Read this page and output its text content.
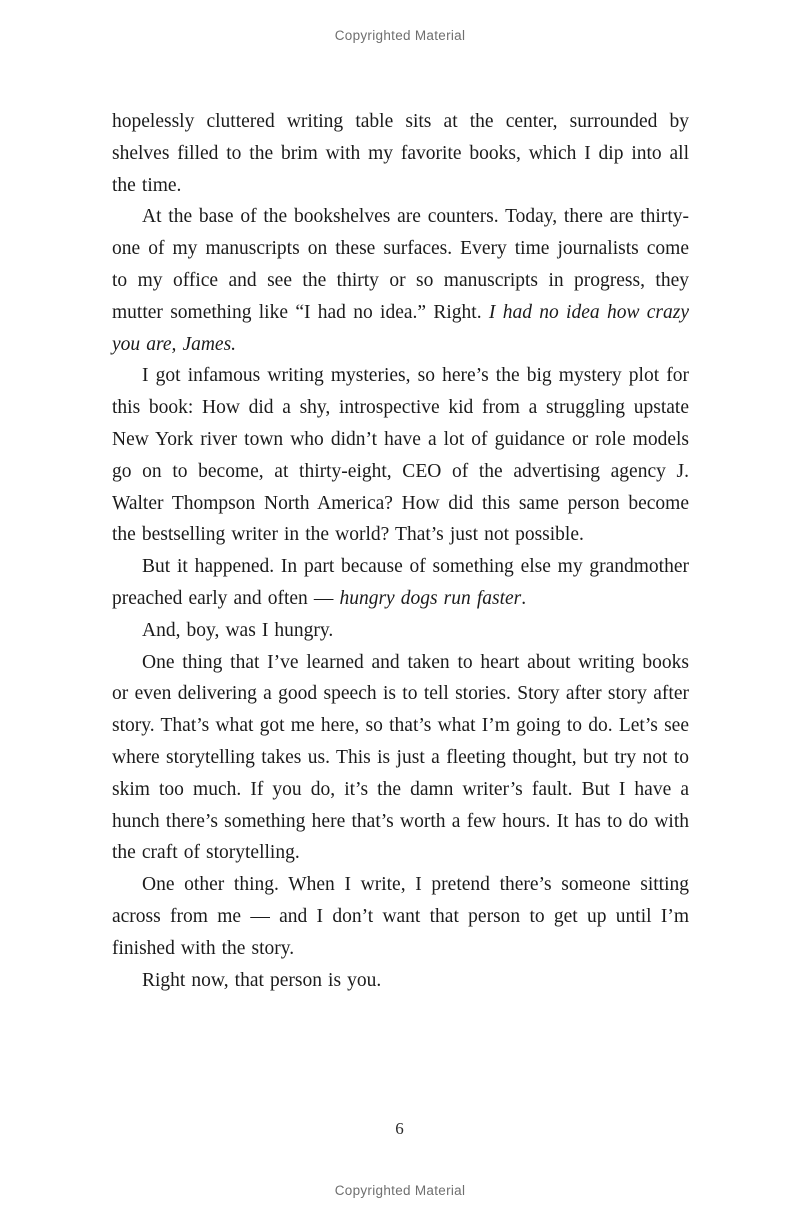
Copyrighted Material

hopelessly cluttered writing table sits at the center, surrounded by shelves filled to the brim with my favorite books, which I dip into all the time.

At the base of the bookshelves are counters. Today, there are thirty-one of my manuscripts on these surfaces. Every time journalists come to my office and see the thirty or so manuscripts in progress, they mutter something like “I had no idea.” Right. I had no idea how crazy you are, James.

I got infamous writing mysteries, so here’s the big mystery plot for this book: How did a shy, introspective kid from a struggling upstate New York river town who didn’t have a lot of guidance or role models go on to become, at thirty-eight, CEO of the advertising agency J. Walter Thompson North America? How did this same person become the bestselling writer in the world? That’s just not possible.

But it happened. In part because of something else my grandmother preached early and often — hungry dogs run faster.

And, boy, was I hungry.

One thing that I’ve learned and taken to heart about writing books or even delivering a good speech is to tell stories. Story after story after story. That’s what got me here, so that’s what I’m going to do. Let’s see where storytelling takes us. This is just a fleeting thought, but try not to skim too much. If you do, it’s the damn writer’s fault. But I have a hunch there’s something here that’s worth a few hours. It has to do with the craft of storytelling.

One other thing. When I write, I pretend there’s someone sitting across from me — and I don’t want that person to get up until I’m finished with the story.

Right now, that person is you.

6
Copyrighted Material
